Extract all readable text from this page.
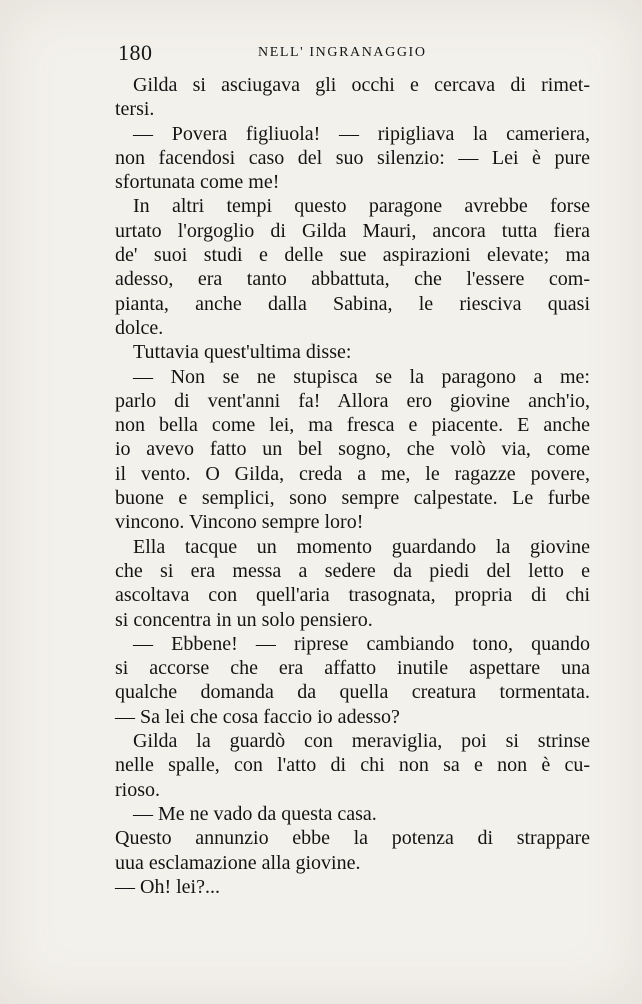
180	NELL' INGRANAGGIO
Gilda si asciugava gli occhi e cercava di rimet-
tersi.
— Povera figliuola! — ripigliava la cameriera,
non facendosi caso del suo silenzio: — Lei è pure
sfortunata come me!
In altri tempi questo paragone avrebbe forse
urtato l'orgoglio di Gilda Mauri, ancora tutta fiera
de' suoi studi e delle sue aspirazioni elevate; ma
adesso, era tanto abbattuta, che l'essere com-
pianta, anche dalla Sabina, le riesciva quasi
dolce.
Tuttavia quest'ultima disse:
— Non se ne stupisca se la paragono a me:
parlo di vent'anni fa! Allora ero giovine anch'io,
non bella come lei, ma fresca e piacente. E anche
io avevo fatto un bel sogno, che volò via, come
il vento. O Gilda, creda a me, le ragazze povere,
buone e semplici, sono sempre calpestate. Le furbe
vincono. Vincono sempre loro!
Ella tacque un momento guardando la giovine
che si era messa a sedere da piedi del letto e
ascoltava con quell'aria trasognata, propria di chi
si concentra in un solo pensiero.
— Ebbene! — riprese cambiando tono, quando
si accorse che era affatto inutile aspettare una
qualche domanda da quella creatura tormentata.
— Sa lei che cosa faccio io adesso?
Gilda la guardò con meraviglia, poi si strinse
nelle spalle, con l'atto di chi non sa e non è cu-
rioso.
— Me ne vado da questa casa.
Questo annunzio ebbe la potenza di strappare
uua esclamazione alla giovine.
— Oh! lei?...
